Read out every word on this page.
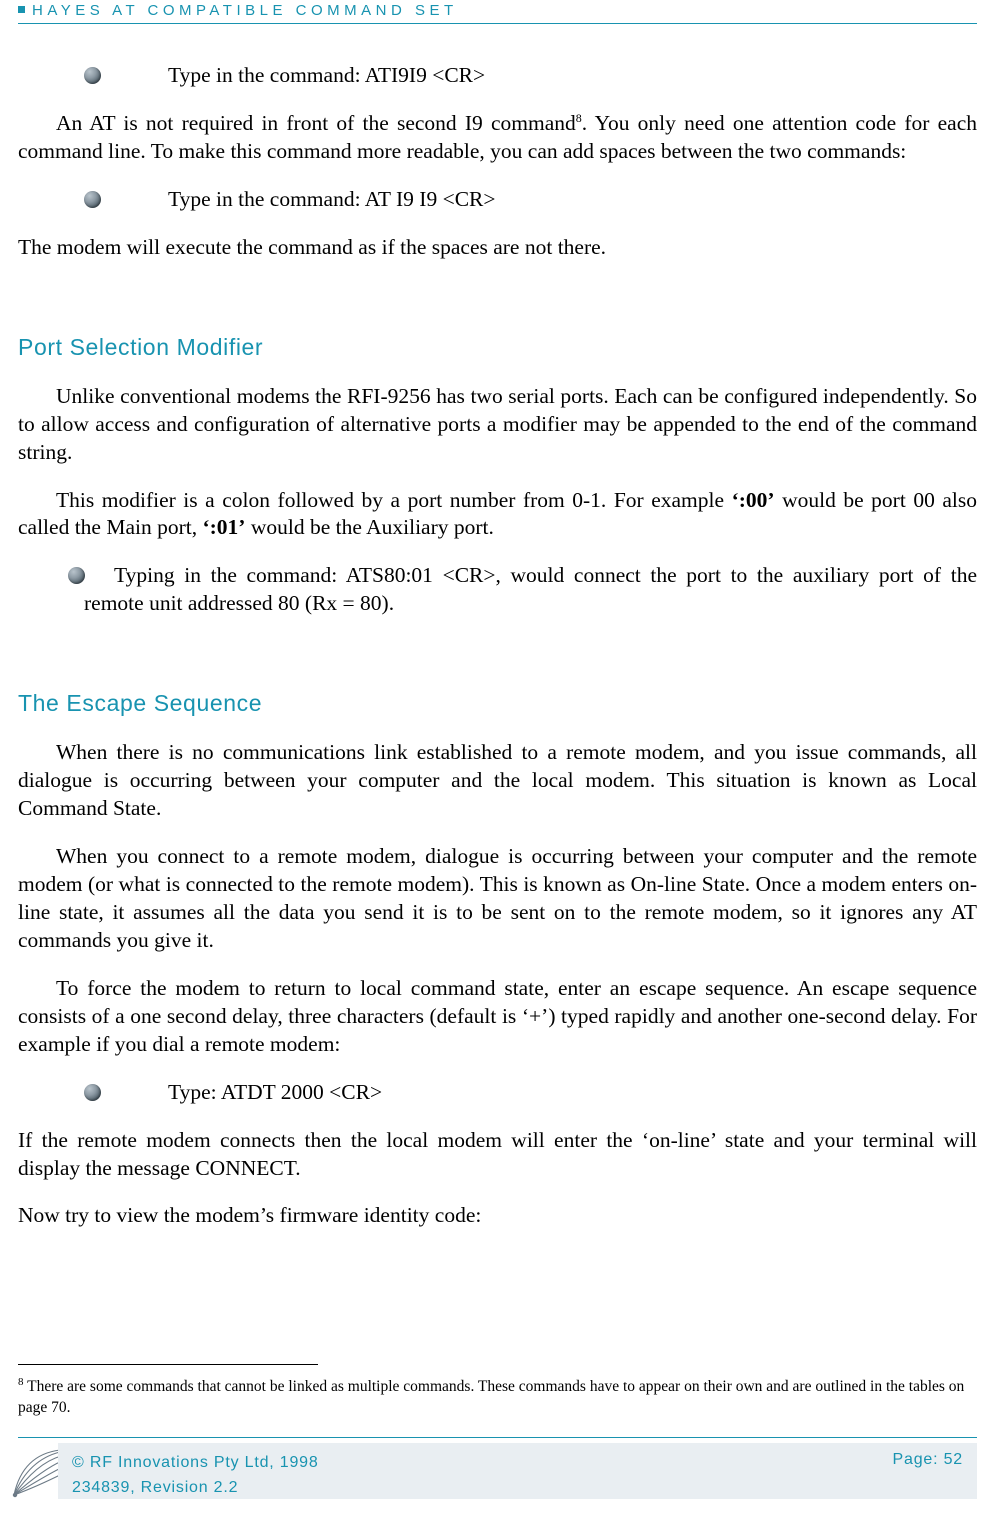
HAYES AT COMPATIBLE COMMAND SET
Type in the command: ATI9I9 <CR>

An AT is not required in front of the second I9 command$^8$. You only need one attention code for each command line. To make this command more readable, you can add spaces between the two commands:

Type in the command: AT I9 I9 <CR>

The modem will execute the command as if the spaces are not there.

Port Selection Modifier

Unlike conventional modems the RFI-9256 has two serial ports. Each can be configured independently. So to allow access and configuration of alternative ports a modifier may be appended to the end of the command string.

This modifier is a colon followed by a port number from 0-1. For example ‘:00’ would be port 00 also called the Main port, ‘:01’ would be the Auxiliary port.

Typing in the command: ATS80:01 <CR>, would connect the port to the auxiliary port of the remote unit addressed 80 (Rx = 80).
The Escape Sequence

When there is no communications link established to a remote modem, and you issue commands, all dialogue is occurring between your computer and the local modem. This situation is known as Local Command State.

When you connect to a remote modem, dialogue is occurring between your computer and the remote modem (or what is connected to the remote modem). This is known as On-line State. Once a modem enters on-line state, it assumes all the data you send it is to be sent on to the remote modem, so it ignores any AT commands you give it.

To force the modem to return to local command state, enter an escape sequence. An escape sequence consists of a one second delay, three characters (default is ‘+’) typed rapidly and another one-second delay. For example if you dial a remote modem:

Type: ATDT 2000 <CR>

If the remote modem connects then the local modem will enter the ‘on-line’ state and your terminal will display the message CONNECT.

Now try to view the modem’s firmware identity code:

$^8$ There are some commands that cannot be linked as multiple commands. These commands have to appear on their own and are outlined in the tables on page 70.

© RF Innovations Pty Ltd, 1998
234839, Revision 2.2
Page: 52
